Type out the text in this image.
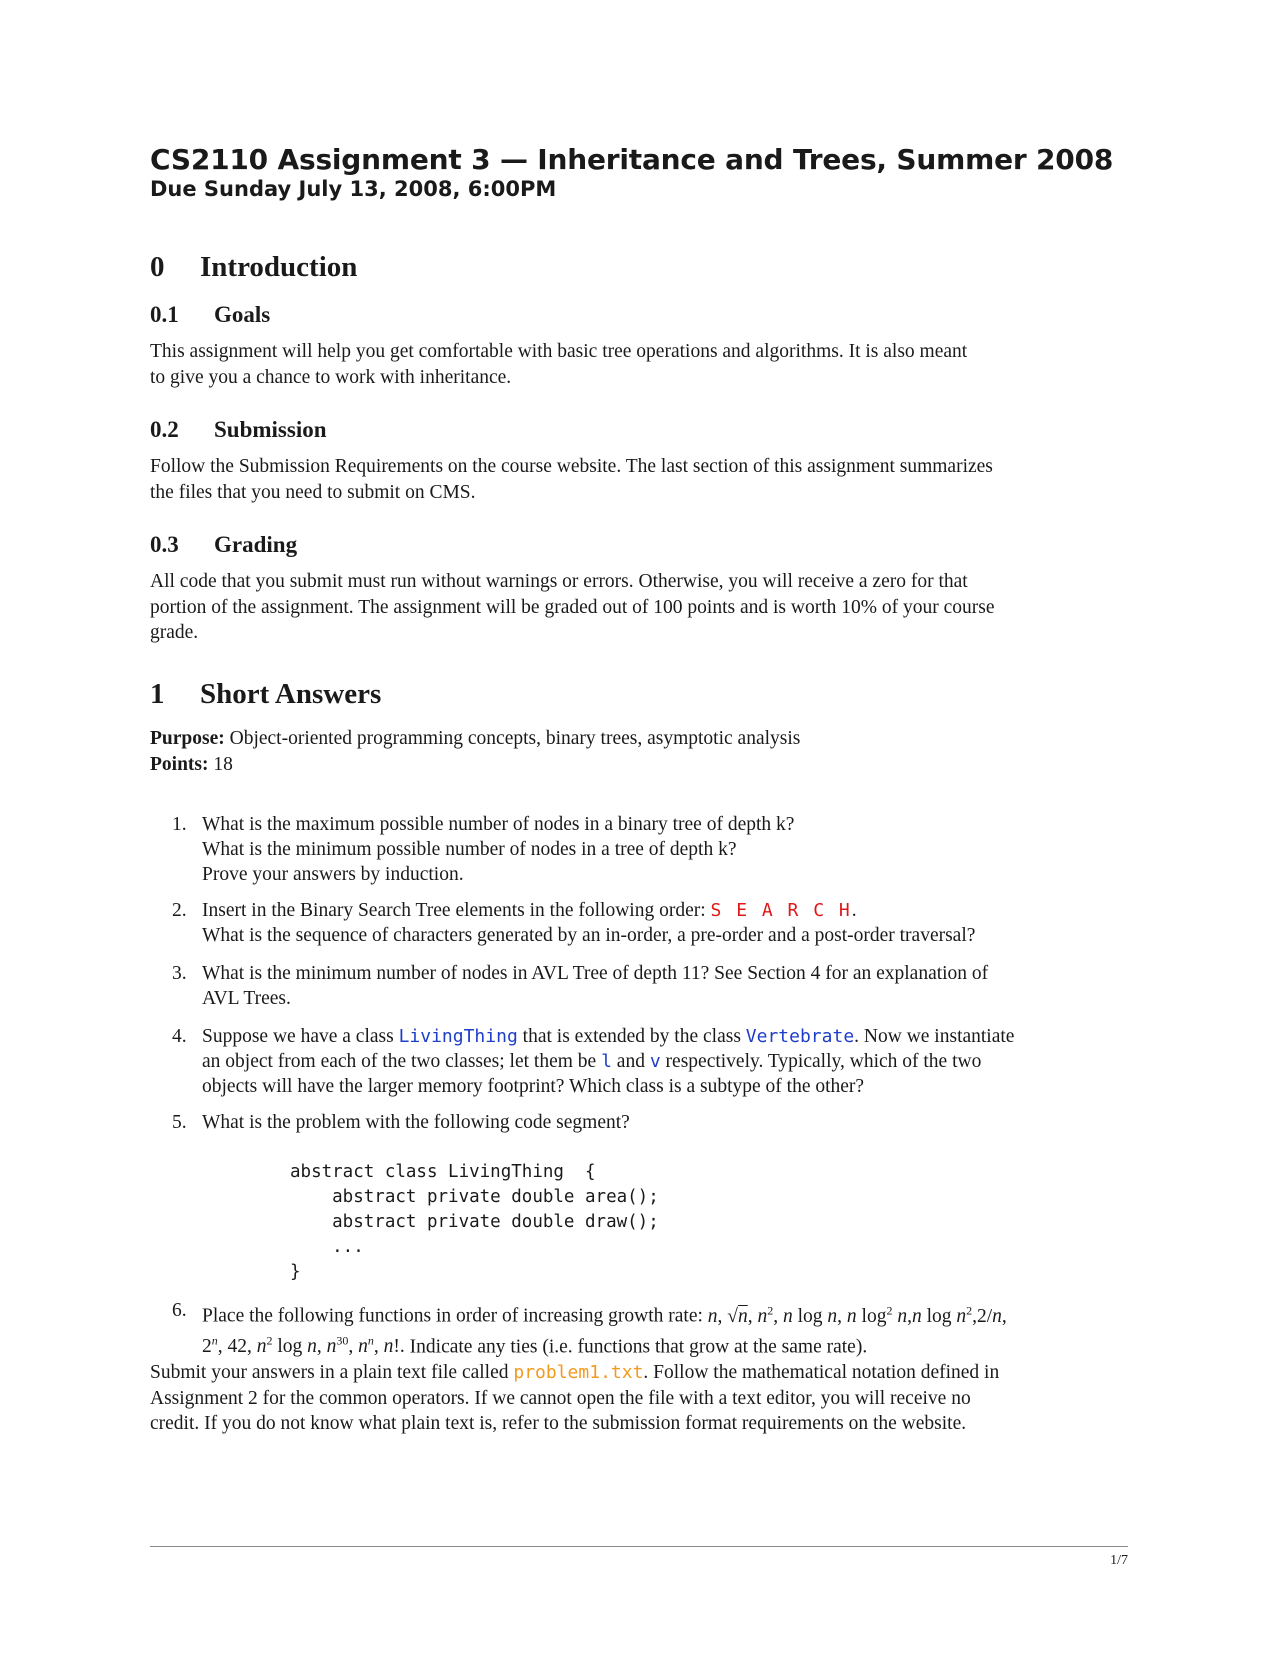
CS2110 Assignment 3 — Inheritance and Trees, Summer 2008
Due Sunday July 13, 2008, 6:00PM
0 Introduction
0.1 Goals

This assignment will help you get comfortable with basic tree operations and algorithms. It is also meant

to give you a chance to work with inheritance.

0.2 Submission

Follow the Submission Requirements on the course website. The last section of this assignment summarizes

the files that you need to submit on CMS.

0.3 Grading

All code that you submit must run without warnings or errors. Otherwise, you will receive a zero for that

portion of the assignment. The assignment will be graded out of 100 points and is worth 10% of your course

grade.

1 Short Answers

Purpose: Object-oriented programming concepts, binary trees, asymptotic analysis

Points: 18

1. What is the maximum possible number of nodes in a binary tree of depth k?
What is the minimum possible number of nodes in a tree of depth k?
Prove your answers by induction.
2. Insert in the Binary Search Tree elements in the following order: S E A R C H.
What is the sequence of characters generated by an in-order, a pre-order and a post-order traversal?
3. What is the minimum number of nodes in AVL Tree of depth 11? See Section 4 for an explanation of
AVL Trees.
4. Suppose we have a class LivingThing that is extended by the class Vertebrate. Now we instantiate
an object from each of the two classes; let them be l and v respectively. Typically, which of the two
objects will have the larger memory footprint? Which class is a subtype of the other?
5. What is the problem with the following code segment?
6. Place the following functions in order of increasing growth rate: n, √n, $n^2$, n log n, n $\log^2 n,n$ $\log n^2,2/n$,
2$^n$, 42, $n^2$ log n, $n^{30}$, $n^n$, n!. Indicate any ties (i.e. functions that grow at the same rate).
abstract class LivingThing  {
abstract private double area();
abstract private double draw();
...
}

Submit your answers in a plain text file called problem1.txt. Follow the mathematical notation defined in

Assignment 2 for the common operators. If we cannot open the file with a text editor, you will receive no

credit. If you do not know what plain text is, refer to the submission format requirements on the website.

1/7
